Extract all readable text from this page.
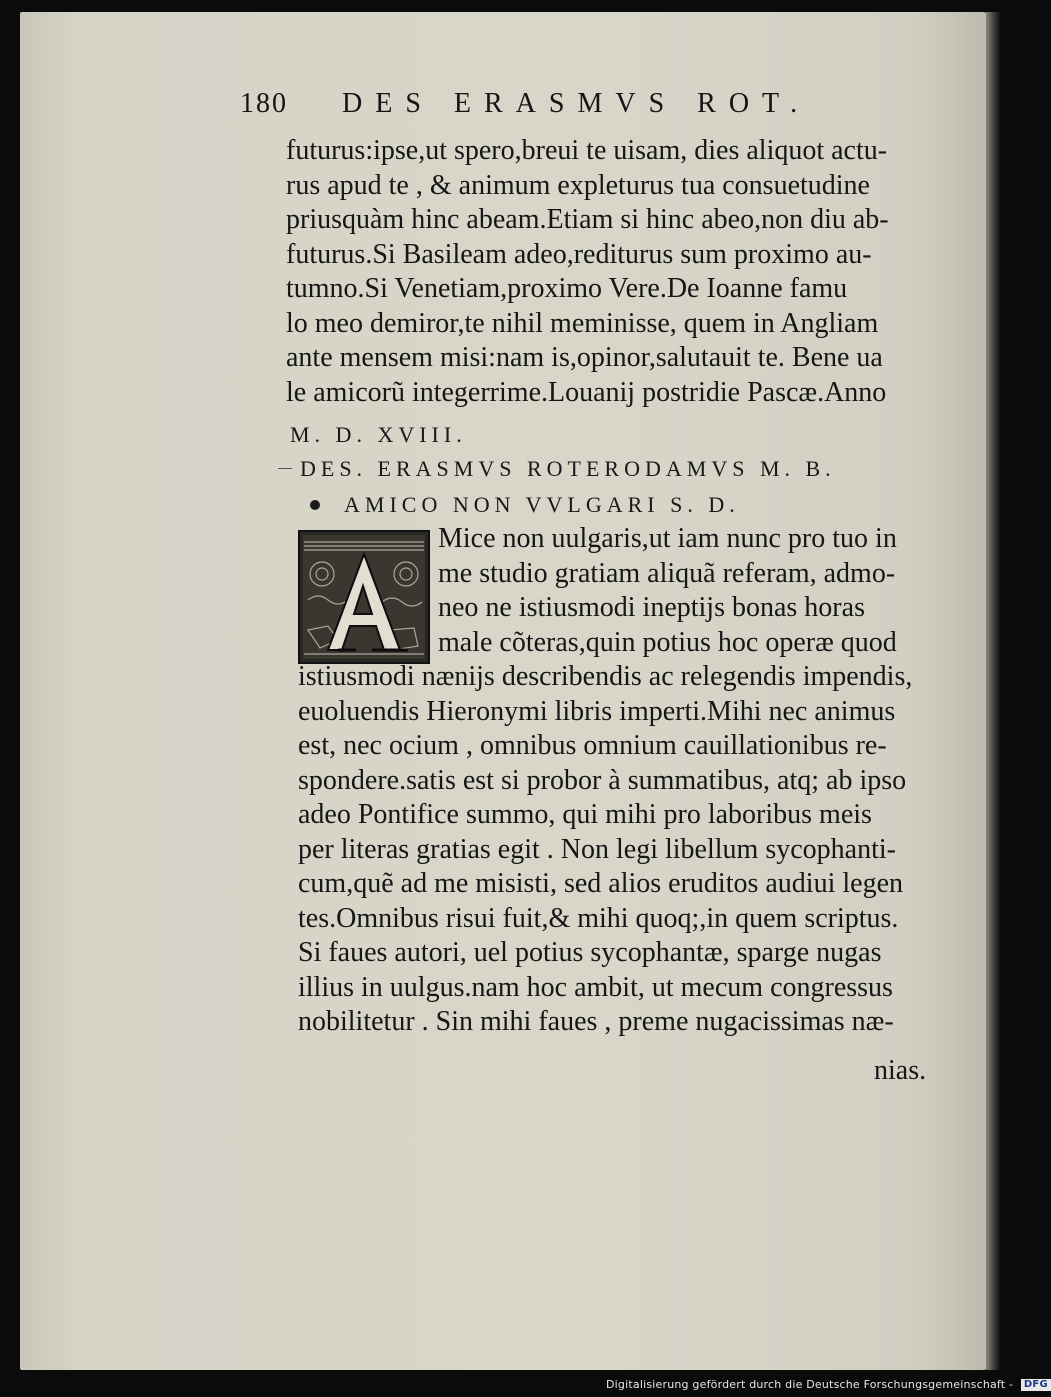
180 DES ERASMVS ROT.
futurus:ipse,ut spero,breui te uisam, dies aliquot actu-
rus apud te , & animum expleturus tua consuetudine
priusquàm hinc abeam.Etiam si hinc abeo,non diu ab-
futurus.Si Basileam adeo,rediturus sum proximo au-
tumno.Si Venetiam,proximo Vere.De Ioanne famu
lo meo demiror,te nihil meminisse, quem in Angliam
ante mensem misi:nam is,opinor,salutauit te. Bene ua
le amicorũ integerrime.Louanij postridie Pascæ.Anno
M. D. XVIII.
DES. ERASMVS ROTERODAMVS M. B.
AMICO NON VVLGARI S. D.
Mice non uulgaris,ut iam nunc pro tuo in
me studio gratiam aliquã referam, admo-
neo ne istiusmodi ineptijs bonas horas
male cõteras,quin potius hoc operæ quod
istiusmodi nænijs describendis ac relegendis impendis,
euoluendis Hieronymi libris imperti.Mihi nec animus
est, nec ocium , omnibus omnium cauillationibus re-
spondere.satis est si probor à summatibus, atq; ab ipso
adeo Pontifice summo, qui mihi pro laboribus meis
per literas gratias egit . Non legi libellum sycophanti-
cum,quẽ ad me misisti, sed alios eruditos audiui legen
tes.Omnibus risui fuit,& mihi quoq;,in quem scriptus.
Si faues autori, uel potius sycophantæ, sparge nugas
illius in uulgus.nam hoc ambit, ut mecum congressus
nobilitetur . Sin mihi faues , preme nugacissimas næ-
nias.
Digitalisierung gefördert durch die Deutsche Forschungsgemeinschaft - DFG
